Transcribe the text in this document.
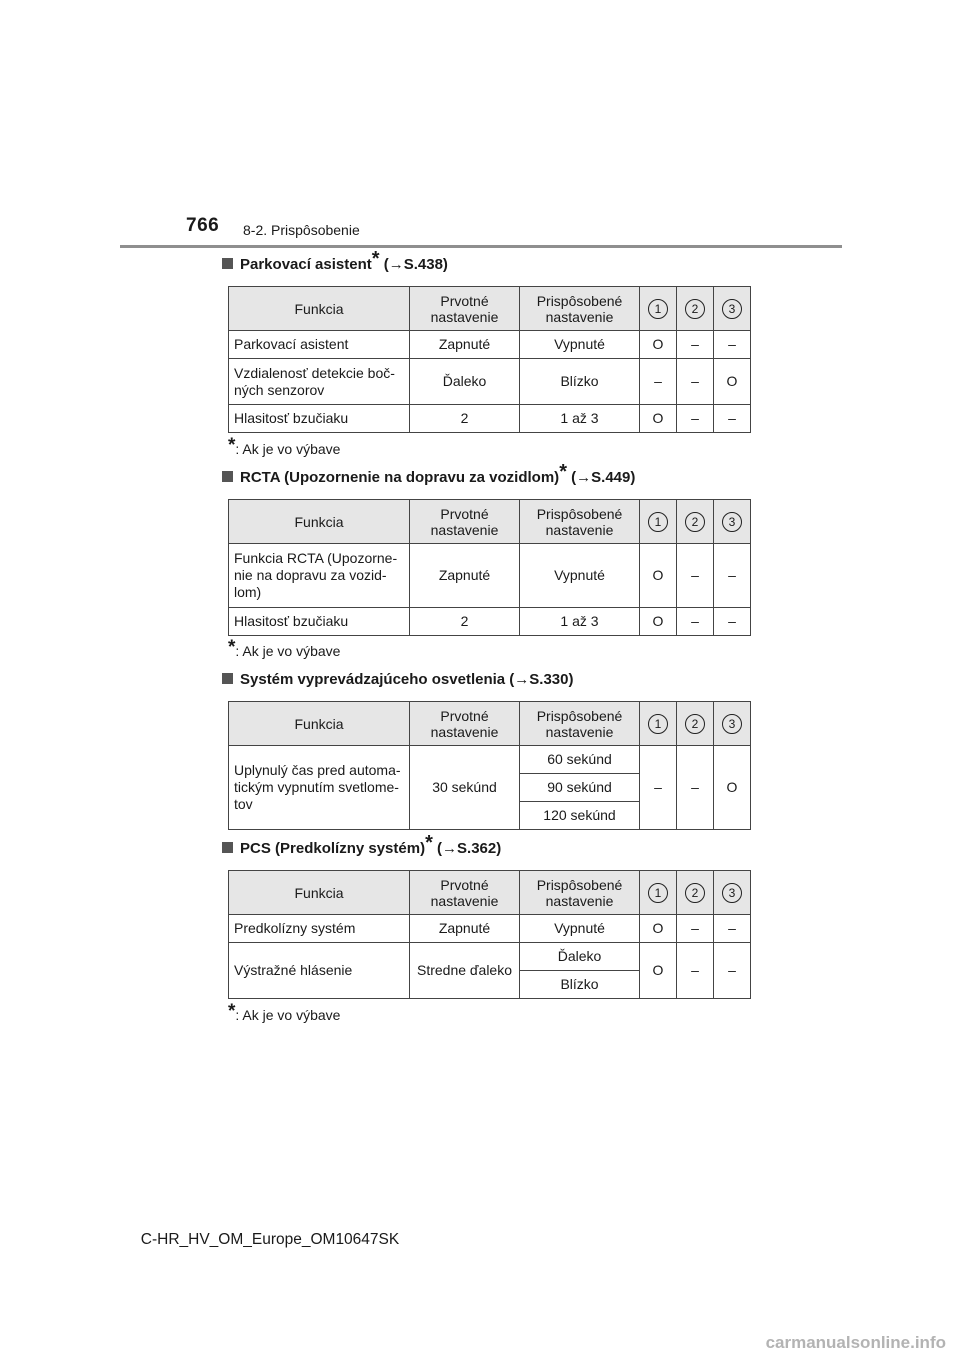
766 8-2. Prispôsobenie
Parkovací asistent* (→S.438)
Funkcia	Prvotné nastavenie	Prispôsobené nastavenie	1	2	3
Parkovací asistent	Zapnuté	Vypnuté	O	–	–
Vzdialenosť detekcie boč-ných senzorov	Ďaleko	Blízko	–	–	O
Hlasitosť bzučiaku	2	1 až 3	O	–	–
*: Ak je vo výbave
RCTA (Upozornenie na dopravu za vozidlom)* (→S.449)
Funkcia	Prvotné nastavenie	Prispôsobené nastavenie	1	2	3
Funkcia RCTA (Upozorne-nie na dopravu za vozid-lom)	Zapnuté	Vypnuté	O	–	–
Hlasitosť bzučiaku	2	1 až 3	O	–	–
*: Ak je vo výbave
Systém vyprevádzajúceho osvetlenia (→S.330)
Funkcia	Prvotné nastavenie	Prispôsobené nastavenie	1	2	3
Uplynulý čas pred automa-tickým vypnutím svetlome-tov	30 sekúnd	60 sekúnd	–	–	O
		90 sekúnd			
		120 sekúnd			
PCS (Predkolízny systém)* (→S.362)
Funkcia	Prvotné nastavenie	Prispôsobené nastavenie	1	2	3
Predkolízny systém	Zapnuté	Vypnuté	O	–	–
Výstražné hlásenie	Stredne ďaleko	Ďaleko	O	–	–
		Blízko			
*: Ak je vo výbave
C-HR_HV_OM_Europe_OM10647SK
carmanualsonline.info
